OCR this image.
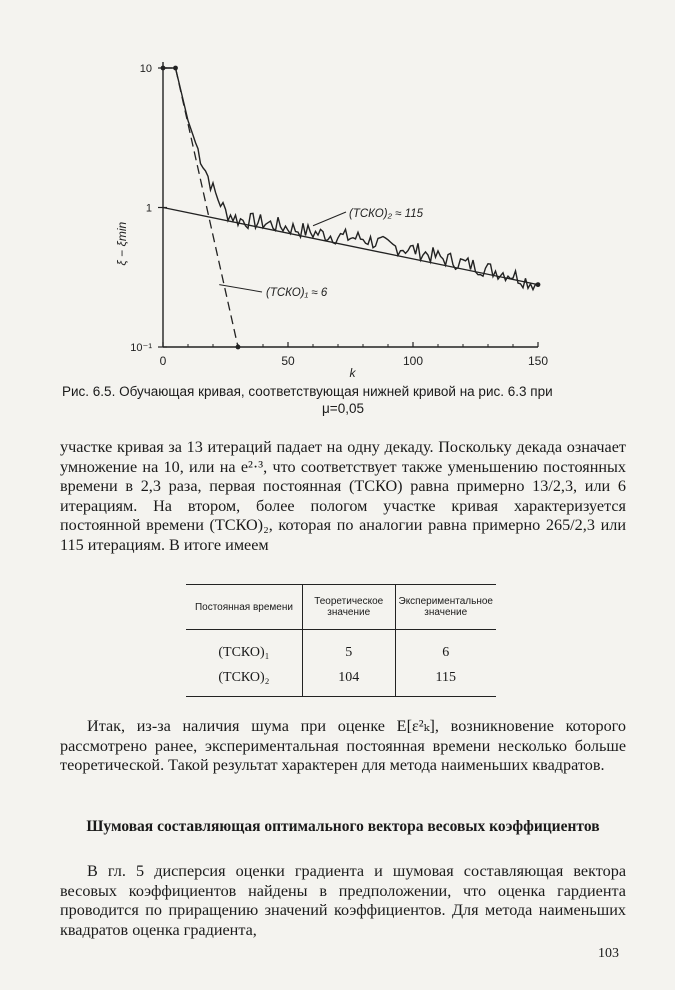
0	50	100	150
10
1
10⁻¹
k
ξ − ξmin
(TСКО)₂ ≈ 115
(TСКО)₁ ≈ 6
Рис. 6.5. Обучающая кривая, соответствующая нижней кривой на рис. 6.3 при
μ=0,05
участке кривая за 13 итераций падает на одну декаду. Поскольку декада означает умножение на 10, или на e²·³, что соответствует также уменьшению постоянных времени в 2,3 раза, первая постоянная (TСКО) равна примерно 13/2,3, или 6 итерациям. На втором, более пологом участке кривая характеризуется постоянной времени (TСКО)₂, которая по аналогии равна примерно 265/2,3 или 115 итерациям. В итоге имеем
Постоянная времени	Теоретическое значение	Экспериментальное значение
(TСКО)₁	5	6
(TСКО)₂	104	115
Итак, из-за наличия шума при оценке E[ε²ₖ], возникновение которого рассмотрено ранее, экспериментальная постоянная времени несколько больше теоретической. Такой результат характерен для метода наименьших квадратов.
Шумовая составляющая оптимального вектора весовых коэффициентов
В гл. 5 дисперсия оценки градиента и шумовая составляющая вектора весовых коэффициентов найдены в предположении, что оценка гардиента проводится по приращению значений коэффициентов. Для метода наименьших квадратов оценка градиента,
103
